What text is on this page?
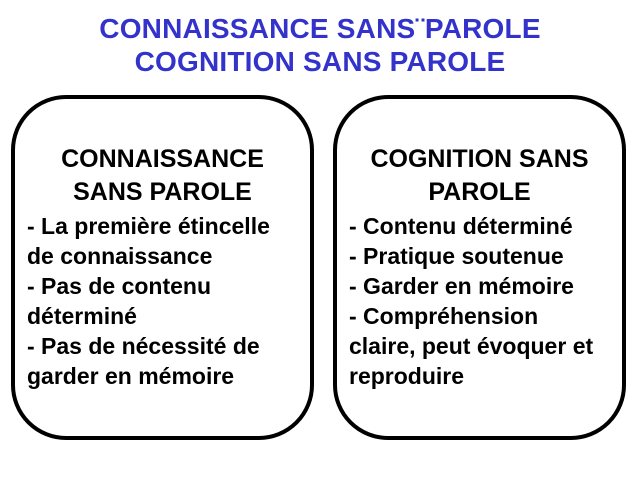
CONNAISSANCE SANS¨PAROLE
COGNITION SANS PAROLE
CONNAISSANCE SANS PAROLE
- La première étincelle de connaissance
- Pas de contenu déterminé
- Pas de nécessité de garder en mémoire
COGNITION SANS PAROLE
- Contenu déterminé
- Pratique soutenue
- Garder en mémoire
- Compréhension claire, peut évoquer et reproduire
